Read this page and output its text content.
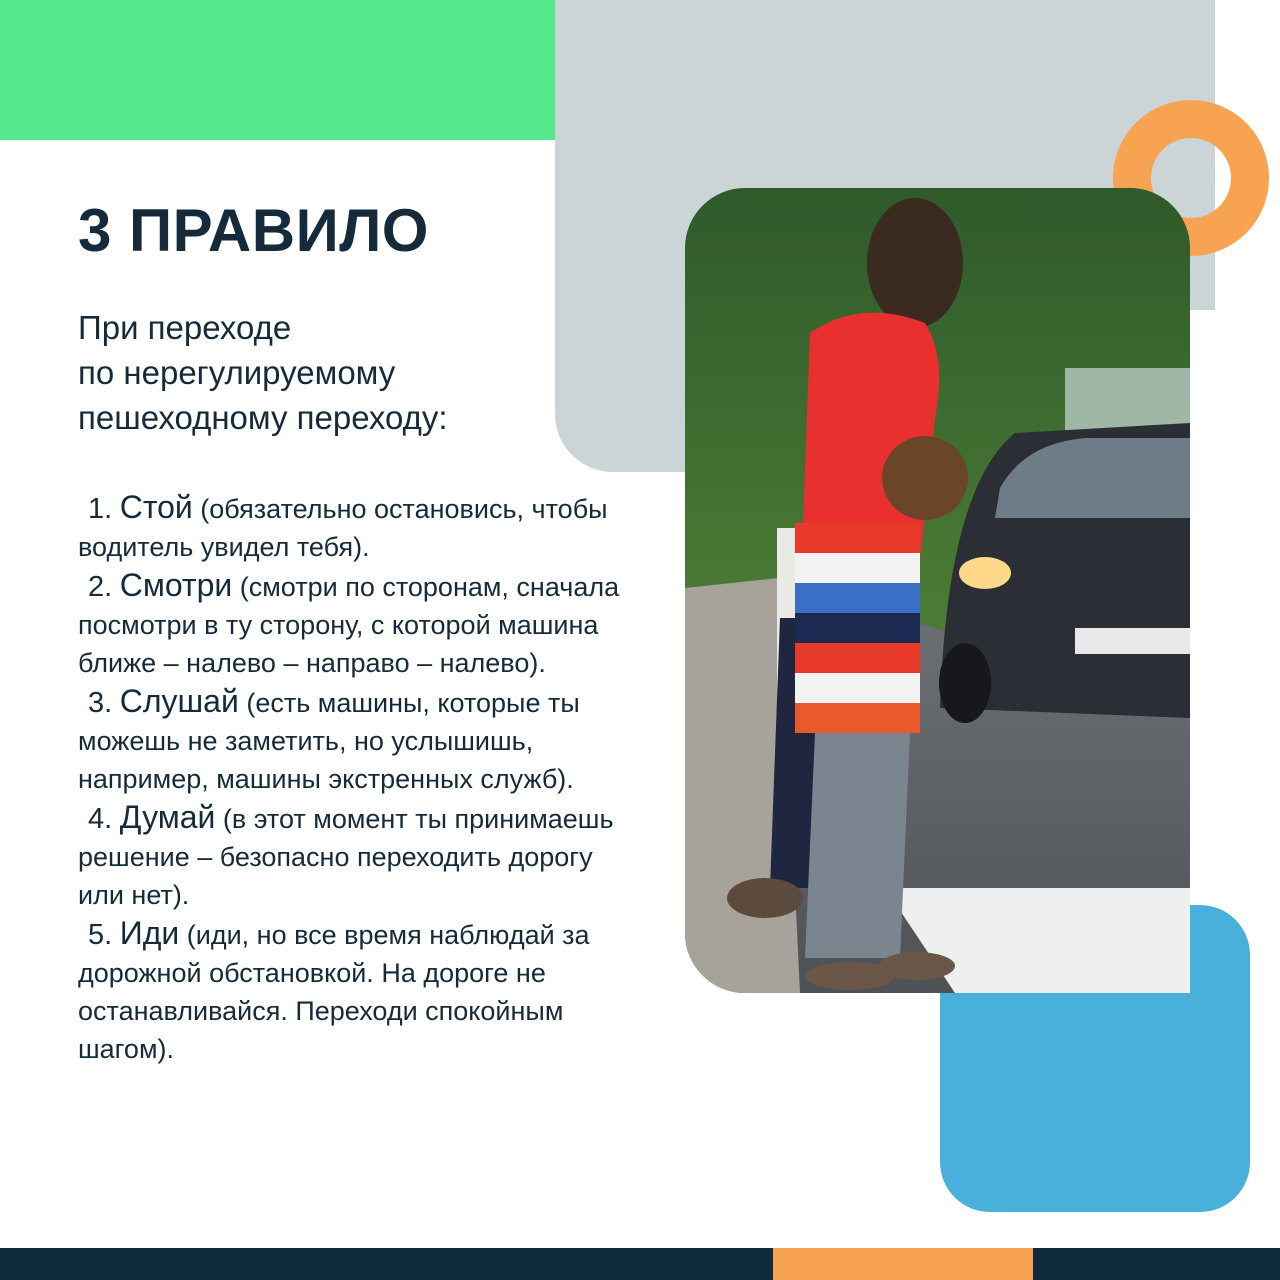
3 ПРАВИЛО

При переходе
по нерегулируемому
пешеходному переходу:

1. Стой (обязательно остановись, чтобы водитель увидел тебя).
2. Смотри (смотри по сторонам, сначала посмотри в ту сторону, с которой машина ближе – налево – направо – налево).
3. Слушай (есть машины, которые ты можешь не заметить, но услышишь, например, машины экстренных служб).
4. Думай (в этот момент ты принимаешь решение – безопасно переходить дорогу или нет).
5. Иди (иди, но все время наблюдай за дорожной обстановкой. На дороге не останавливайся. Переходи спокойным шагом).
